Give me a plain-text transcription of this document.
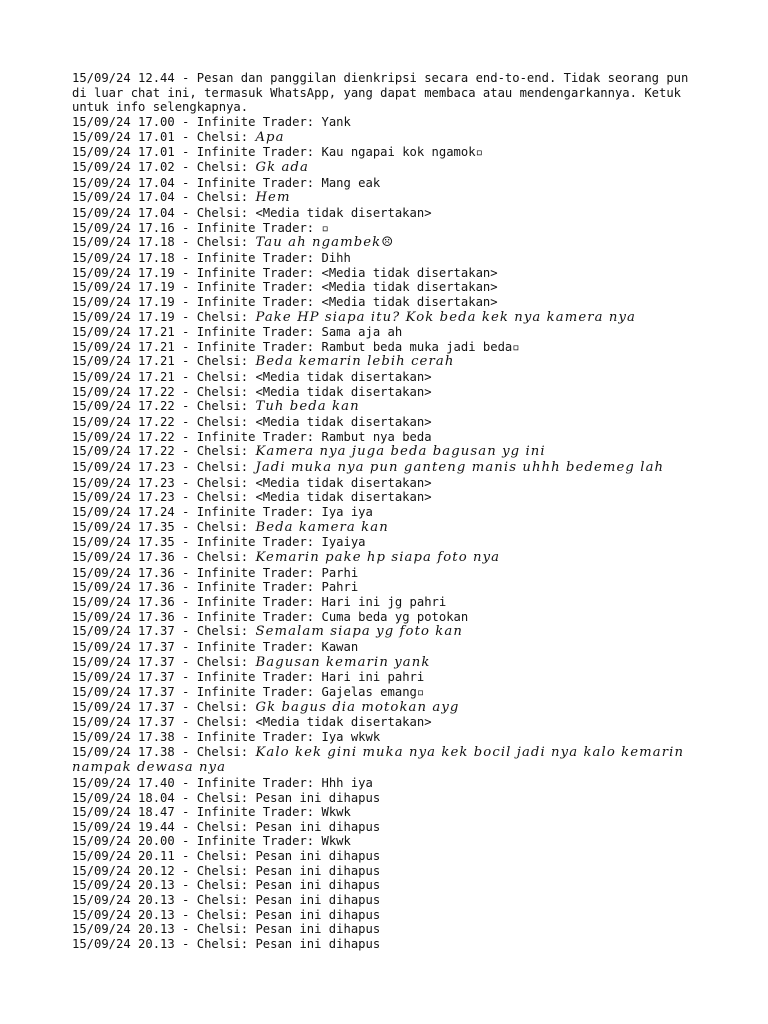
15/09/24 12.44 - Pesan dan panggilan dienkripsi secara end-to-end. Tidak seorang pun di luar chat ini, termasuk WhatsApp, yang dapat membaca atau mendengarkannya. Ketuk untuk info selengkapnya.

15/09/24 17.00 - Infinite Trader: Yank

15/09/24 17.01 - Chelsi: Apa

15/09/24 17.01 - Infinite Trader: Kau ngapai kok ngamok▫

15/09/24 17.02 - Chelsi: Gk ada

15/09/24 17.04 - Infinite Trader: Mang eak

15/09/24 17.04 - Chelsi: Hem

15/09/24 17.04 - Chelsi: <Media tidak disertakan>

15/09/24 17.16 - Infinite Trader: ▫

15/09/24 17.18 - Chelsi: Tau ah ngambek☹

15/09/24 17.18 - Infinite Trader: Dihh

15/09/24 17.19 - Infinite Trader: <Media tidak disertakan>

15/09/24 17.19 - Infinite Trader: <Media tidak disertakan>

15/09/24 17.19 - Infinite Trader: <Media tidak disertakan>

15/09/24 17.19 - Chelsi: Pake HP siapa itu? Kok beda kek nya kamera nya

15/09/24 17.21 - Infinite Trader: Sama aja ah

15/09/24 17.21 - Infinite Trader: Rambut beda muka jadi beda▫

15/09/24 17.21 - Chelsi: Beda kemarin lebih cerah

15/09/24 17.21 - Chelsi: <Media tidak disertakan>

15/09/24 17.22 - Chelsi: <Media tidak disertakan>

15/09/24 17.22 - Chelsi: Tuh beda kan

15/09/24 17.22 - Chelsi: <Media tidak disertakan>

15/09/24 17.22 - Infinite Trader: Rambut nya beda

15/09/24 17.22 - Chelsi: Kamera nya juga beda bagusan yg ini

15/09/24 17.23 - Chelsi: Jadi muka nya pun ganteng manis uhhh bedemeg lah

15/09/24 17.23 - Chelsi: <Media tidak disertakan>

15/09/24 17.23 - Chelsi: <Media tidak disertakan>

15/09/24 17.24 - Infinite Trader: Iya iya

15/09/24 17.35 - Chelsi: Beda kamera kan

15/09/24 17.35 - Infinite Trader: Iyaiya

15/09/24 17.36 - Chelsi: Kemarin pake hp siapa foto nya

15/09/24 17.36 - Infinite Trader: Parhi

15/09/24 17.36 - Infinite Trader: Pahri

15/09/24 17.36 - Infinite Trader: Hari ini jg pahri

15/09/24 17.36 - Infinite Trader: Cuma beda yg potokan

15/09/24 17.37 - Chelsi: Semalam siapa yg foto kan

15/09/24 17.37 - Infinite Trader: Kawan

15/09/24 17.37 - Chelsi: Bagusan kemarin yank

15/09/24 17.37 - Infinite Trader: Hari ini pahri

15/09/24 17.37 - Infinite Trader: Gajelas emang▫

15/09/24 17.37 - Chelsi: Gk bagus dia motokan ayg

15/09/24 17.37 - Chelsi: <Media tidak disertakan>

15/09/24 17.38 - Infinite Trader: Iya wkwk

15/09/24 17.38 - Chelsi: Kalo kek gini muka nya kek bocil jadi nya kalo kemarin nampak dewasa nya

15/09/24 17.40 - Infinite Trader: Hhh iya

15/09/24 18.04 - Chelsi: Pesan ini dihapus

15/09/24 18.47 - Infinite Trader: Wkwk

15/09/24 19.44 - Chelsi: Pesan ini dihapus

15/09/24 20.00 - Infinite Trader: Wkwk

15/09/24 20.11 - Chelsi: Pesan ini dihapus

15/09/24 20.12 - Chelsi: Pesan ini dihapus

15/09/24 20.13 - Chelsi: Pesan ini dihapus

15/09/24 20.13 - Chelsi: Pesan ini dihapus

15/09/24 20.13 - Chelsi: Pesan ini dihapus

15/09/24 20.13 - Chelsi: Pesan ini dihapus

15/09/24 20.13 - Chelsi: Pesan ini dihapus
